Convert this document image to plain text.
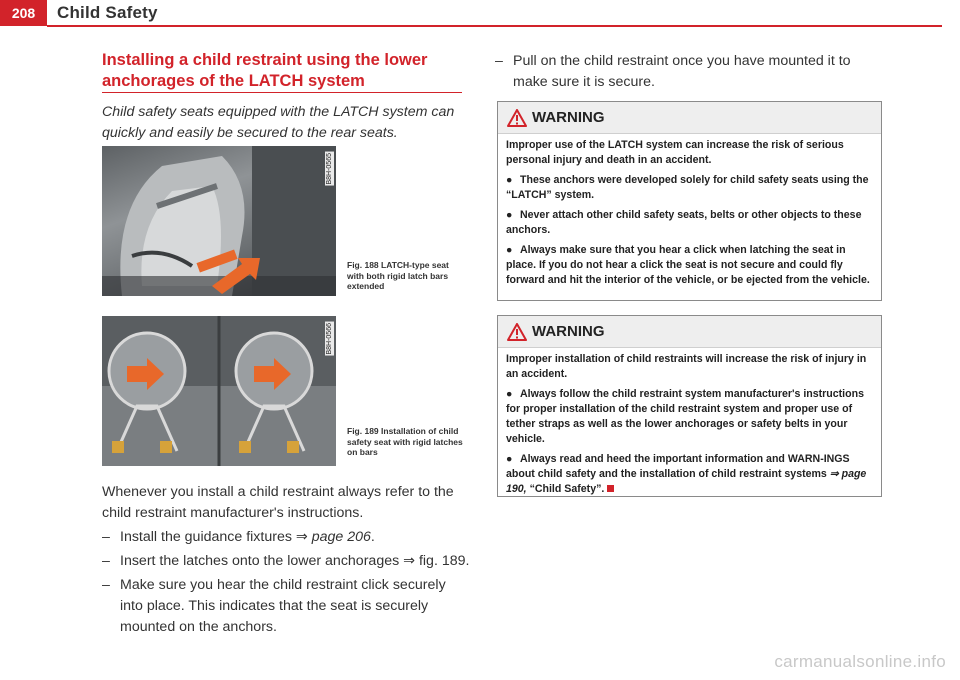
208	Child Safety
Installing a child restraint using the lower anchorages of the LATCH system
Child safety seats equipped with the LATCH system can quickly and easily be secured to the rear seats.
B8H-0565
Fig. 188 LATCH-type seat with both rigid latch bars extended
B8H-0566
Fig. 189 Installation of child safety seat with rigid latches on bars
Whenever you install a child restraint always refer to the child restraint manufacturer's instructions.
– Install the guidance fixtures ⇒ page 206.
– Insert the latches onto the lower anchorages ⇒ fig. 189.
– Make sure you hear the child restraint click securely into place. This indicates that the seat is securely mounted on the anchors.
– Pull on the child restraint once you have mounted it to make sure it is secure.
WARNING

Improper use of the LATCH system can increase the risk of serious personal injury and death in an accident.

● These anchors were developed solely for child safety seats using the “LATCH” system.

● Never attach other child safety seats, belts or other objects to these anchors.

● Always make sure that you hear a click when latching the seat in place. If you do not hear a click the seat is not secure and could fly forward and hit the interior of the vehicle, or be ejected from the vehicle.

WARNING

Improper installation of child restraints will increase the risk of injury in an accident.

● Always follow the child restraint system manufacturer's instructions for proper installation of the child restraint system and proper use of tether straps as well as the lower anchorages or safety belts in your vehicle.

● Always read and heed the important information and WARN-INGS about child safety and the installation of child restraint systems ⇒ page 190, “Child Safety”.

carmanualsonline.info
